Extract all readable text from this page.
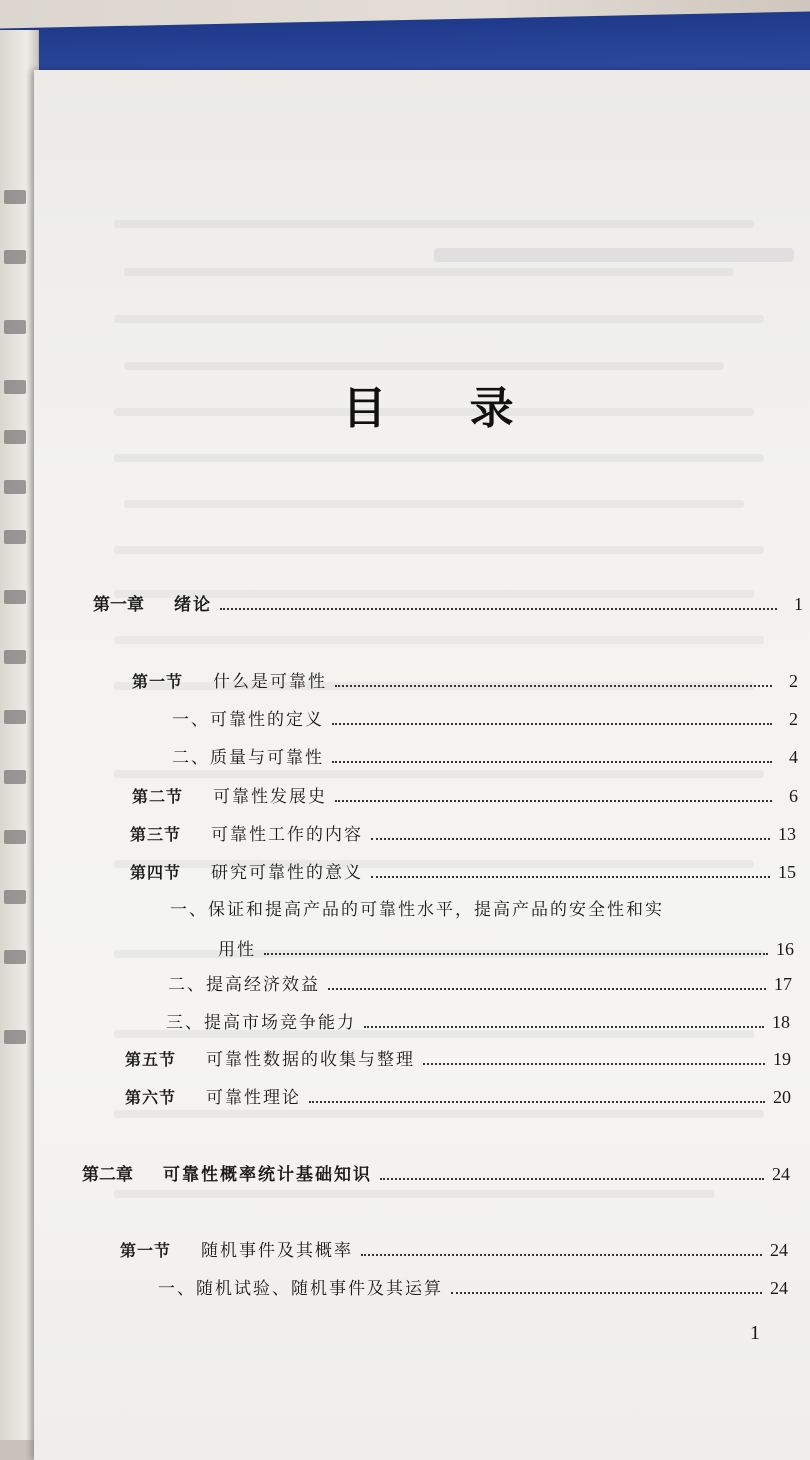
目 录
第一章 绪论	1
第一节 什么是可靠性	2
一、可靠性的定义	2
二、质量与可靠性	4
第二节 可靠性发展史	6
第三节 可靠性工作的内容	13
第四节 研究可靠性的意义	15
一、保证和提高产品的可靠性水平，提高产品的安全性和实
用性	16
二、提高经济效益	17
三、提高市场竞争能力	18
第五节 可靠性数据的收集与整理	19
第六节 可靠性理论	20
第二章 可靠性概率统计基础知识	24
第一节 随机事件及其概率	24
一、随机试验、随机事件及其运算	24
1
